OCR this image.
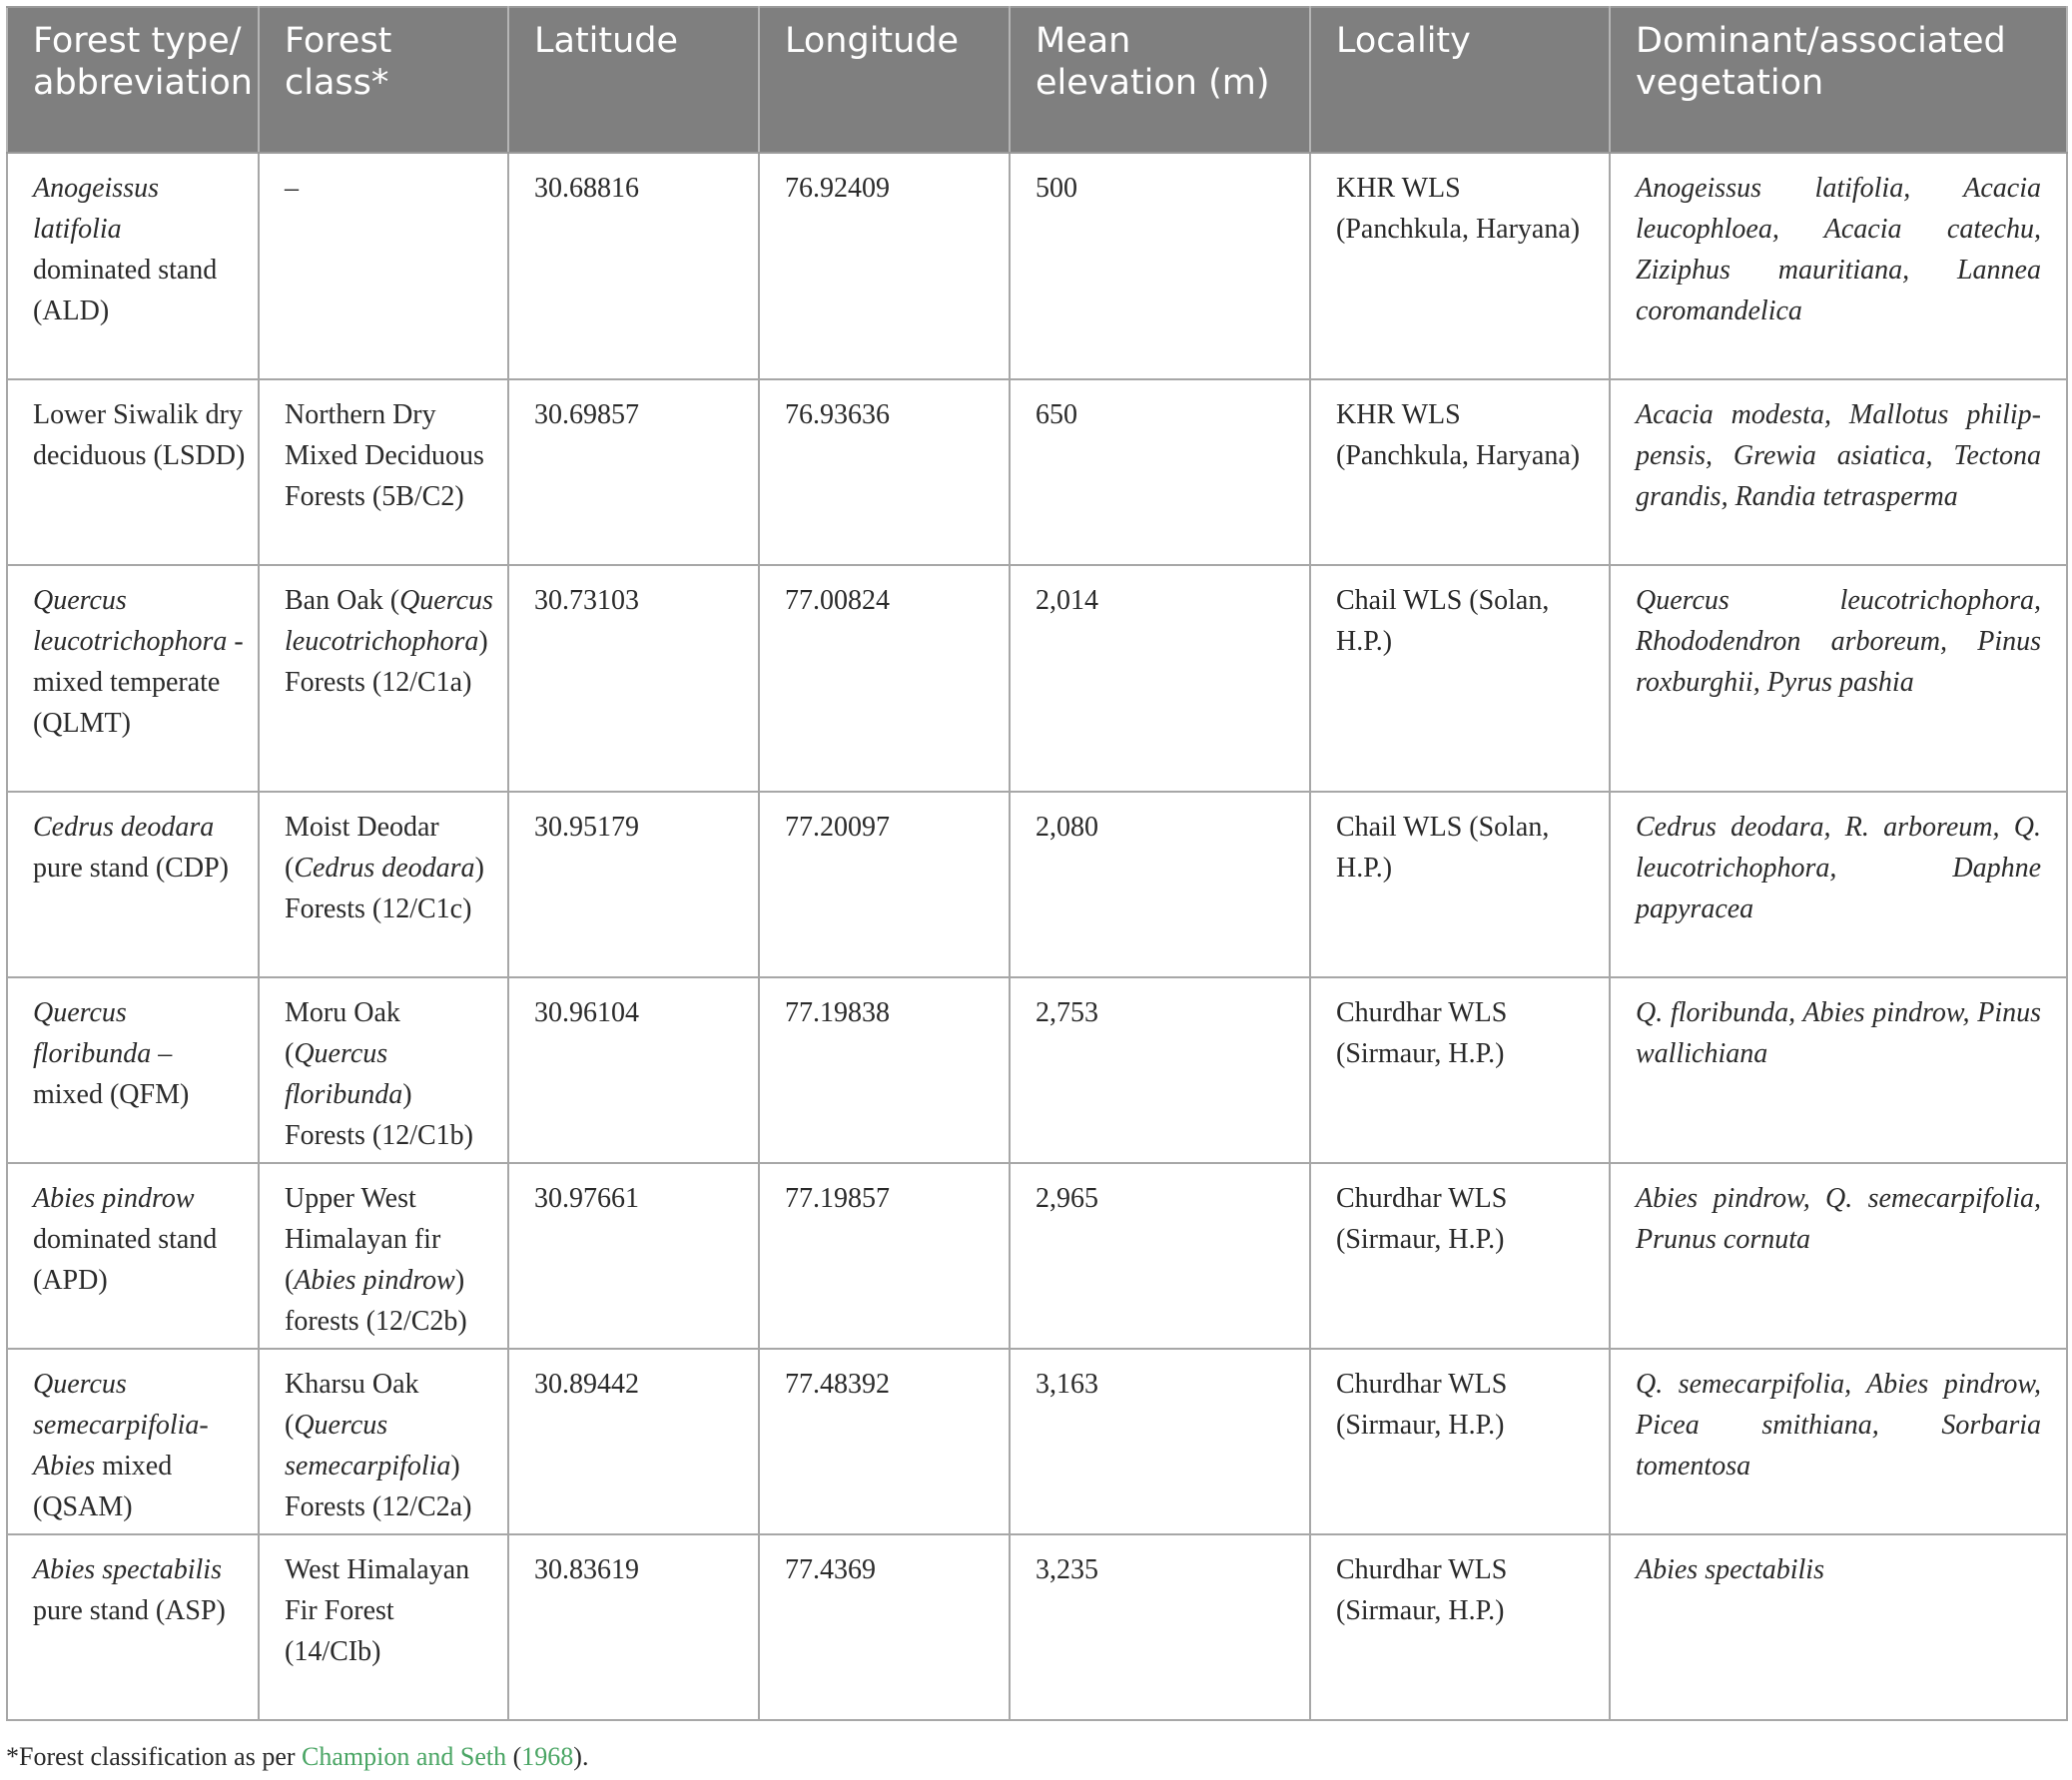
Forest type/ abbreviation	Forest class*	Latitude	Longitude	Mean elevation (m)	Locality	Dominant/associated vegetation
Anogeissus latifolia dominated stand (ALD)	–	30.68816	76.92409	500	KHR WLS (Panchkula, Haryana)	Anogeissus latifolia, Acacia leucophloea, Acacia catechu, Ziziphus mauritiana, Lannea coromandelica
Lower Siwalik dry deciduous (LSDD)	Northern Dry Mixed Deciduous Forests (5B/C2)	30.69857	76.93636	650	KHR WLS (Panchkula, Haryana)	Acacia modesta, Mallotus philip-pensis, Grewia asiatica, Tectona grandis, Randia tetrasperma
Quercus leucotrichophora -mixed temperate (QLMT)	Ban Oak (Quercus leucotrichophora) Forests (12/C1a)	30.73103	77.00824	2,014	Chail WLS (Solan, H.P.)	Quercus leucotrichophora, Rhododendron arboreum, Pinus roxburghii, Pyrus pashia
Cedrus deodara pure stand (CDP)	Moist Deodar (Cedrus deodara) Forests (12/C1c)	30.95179	77.20097	2,080	Chail WLS (Solan, H.P.)	Cedrus deodara, R. arboreum, Q. leucotrichophora, Daphne papyracea
Quercus floribunda – mixed (QFM)	Moru Oak (Quercus floribunda) Forests (12/C1b)	30.96104	77.19838	2,753	Churdhar WLS (Sirmaur, H.P.)	Q. floribunda, Abies pindrow, Pinus wallichiana
Abies pindrow dominated stand (APD)	Upper West Himalayan fir (Abies pindrow) forests (12/C2b)	30.97661	77.19857	2,965	Churdhar WLS (Sirmaur, H.P.)	Abies pindrow, Q. semecarpifolia, Prunus cornuta
Quercus semecarpifolia- Abies mixed (QSAM)	Kharsu Oak (Quercus semecarpifolia) Forests (12/C2a)	30.89442	77.48392	3,163	Churdhar WLS (Sirmaur, H.P.)	Q. semecarpifolia, Abies pindrow, Picea smithiana, Sorbaria tomentosa
Abies spectabilis pure stand (ASP)	West Himalayan Fir Forest (14/CIb)	30.83619	77.4369	3,235	Churdhar WLS (Sirmaur, H.P.)	Abies spectabilis
*Forest classification as per Champion and Seth (1968).
